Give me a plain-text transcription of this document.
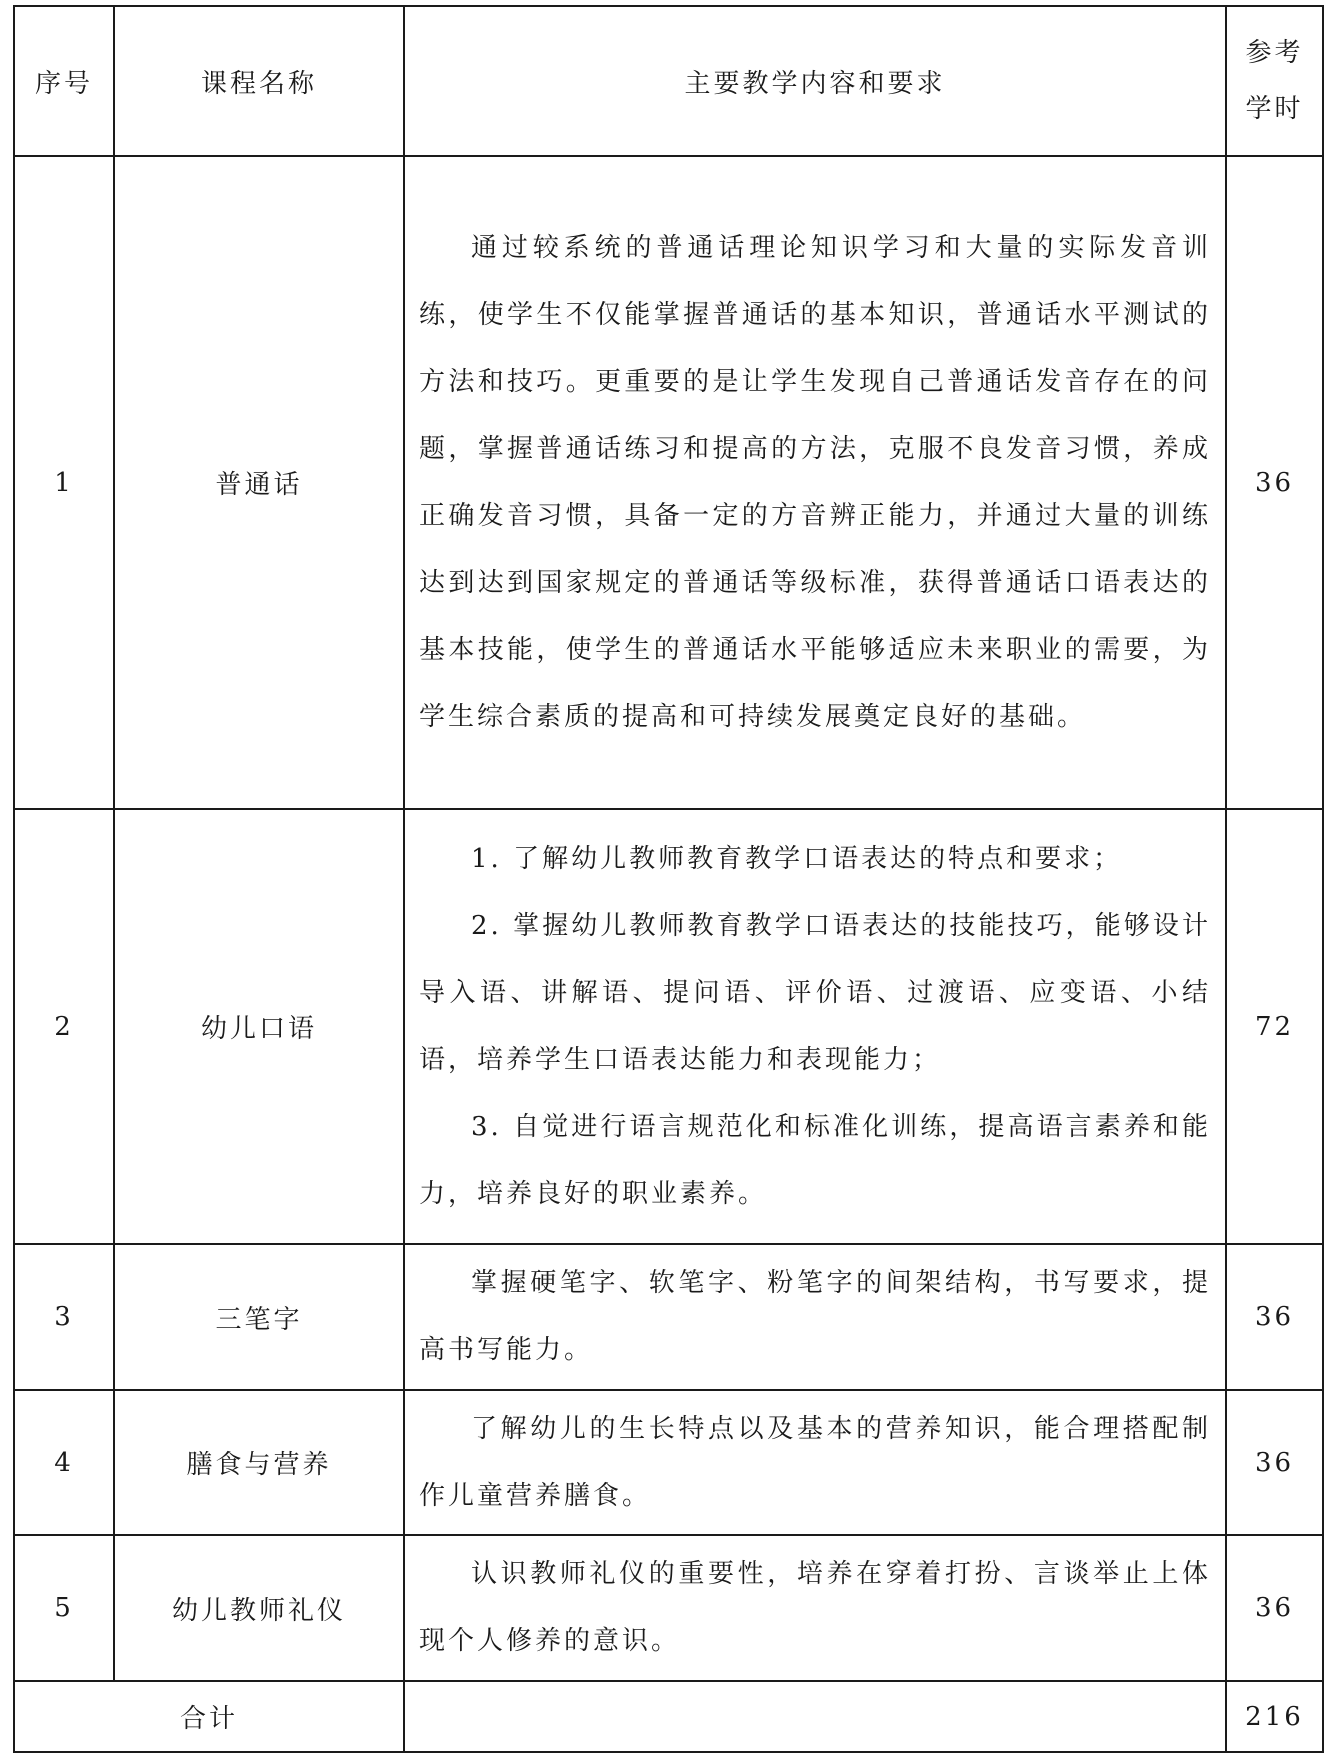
序号	课程名称	主要教学内容和要求	参考
学时

1	普通话	通过较系统的普通话理论知识学习和大量的实际发音训练，使学生不仅能掌握普通话的基本知识，普通话水平测试的方法和技巧。更重要的是让学生发现自己普通话发音存在的问题，掌握普通话练习和提高的方法，克服不良发音习惯，养成正确发音习惯，具备一定的方音辨正能力，并通过大量的训练达到达到国家规定的普通话等级标准，获得普通话口语表达的基本技能，使学生的普通话水平能够适应未来职业的需要，为学生综合素质的提高和可持续发展奠定良好的基础。	36
2	幼儿口语	1. 了解幼儿教师教育教学口语表达的特点和要求；

2. 掌握幼儿教师教育教学口语表达的技能技巧，能够设计导入语、讲解语、提问语、评价语、过渡语、应变语、小结语，培养学生口语表达能力和表现能力；

3. 自觉进行语言规范化和标准化训练，提高语言素养和能力，培养良好的职业素养。	72
3	三笔字	掌握硬笔字、软笔字、粉笔字的间架结构，书写要求，提高书写能力。	36
4	膳食与营养	了解幼儿的生长特点以及基本的营养知识，能合理搭配制作儿童营养膳食。	36
5	幼儿教师礼仪	认识教师礼仪的重要性，培养在穿着打扮、言谈举止上体现个人修养的意识。	36
合计			216
